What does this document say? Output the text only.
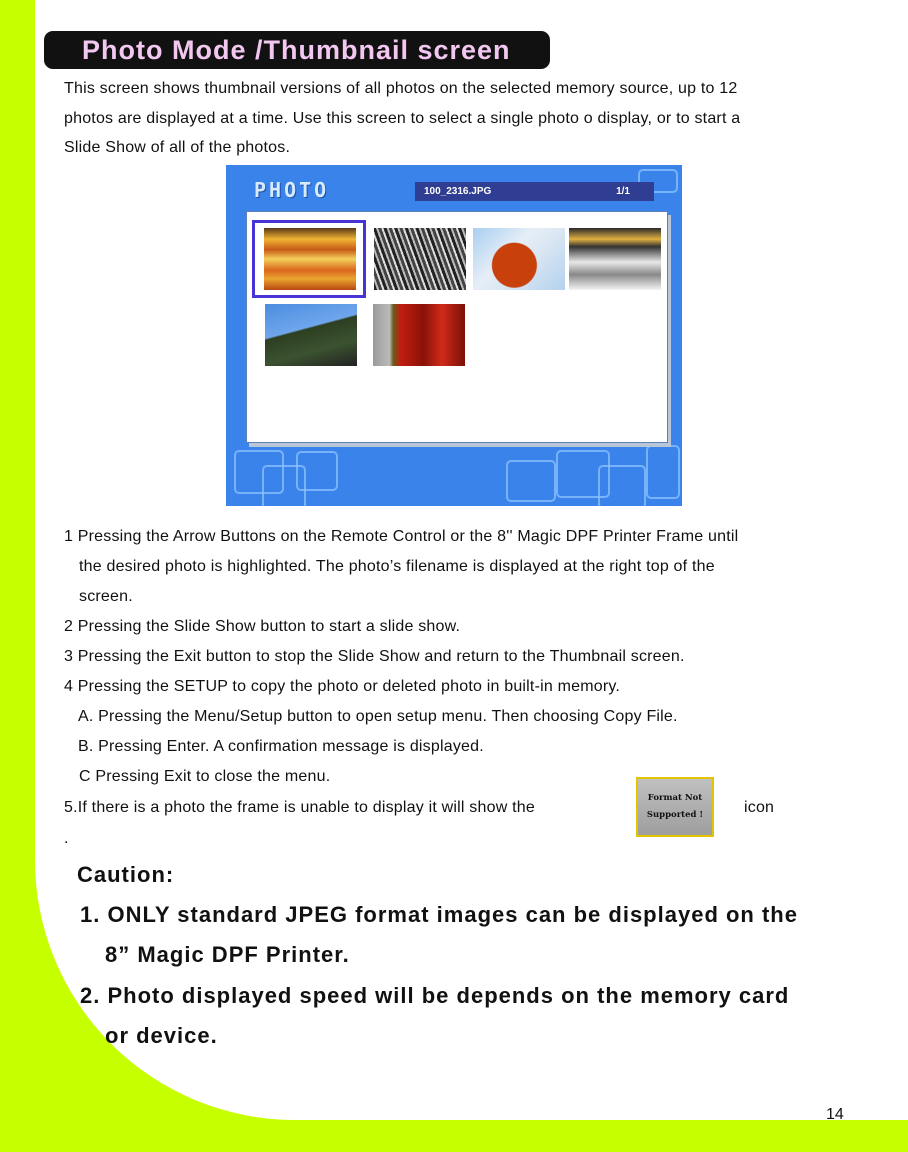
Photo Mode /Thumbnail screen
This screen shows thumbnail versions of all photos on the selected memory source, up to 12
photos are displayed at a time. Use this screen to select a single photo o display, or to start a
Slide Show of all of the photos.
PHOTO	100_2316.JPG	1/1
1 Pressing the Arrow Buttons on the Remote Control or the 8'' Magic DPF Printer Frame until
the desired photo is highlighted. The photo’s filename is displayed at the right top of the
screen.
2 Pressing the Slide Show button to start a slide show.
3 Pressing the Exit button to stop the Slide Show and return to the Thumbnail screen.
4 Pressing the SETUP to copy the photo or deleted photo in built-in memory.
A. Pressing the Menu/Setup button to open setup menu. Then choosing Copy File.
B. Pressing Enter. A confirmation message is displayed.
C Pressing Exit to close the menu.
5.If there is a photo the frame is unable to display it will show the	icon
.
Format Not
Supported !
Caution:
1. ONLY standard JPEG format images can be displayed on the
8” Magic DPF Printer.
2. Photo displayed speed will be depends on the memory card
or device.
14
